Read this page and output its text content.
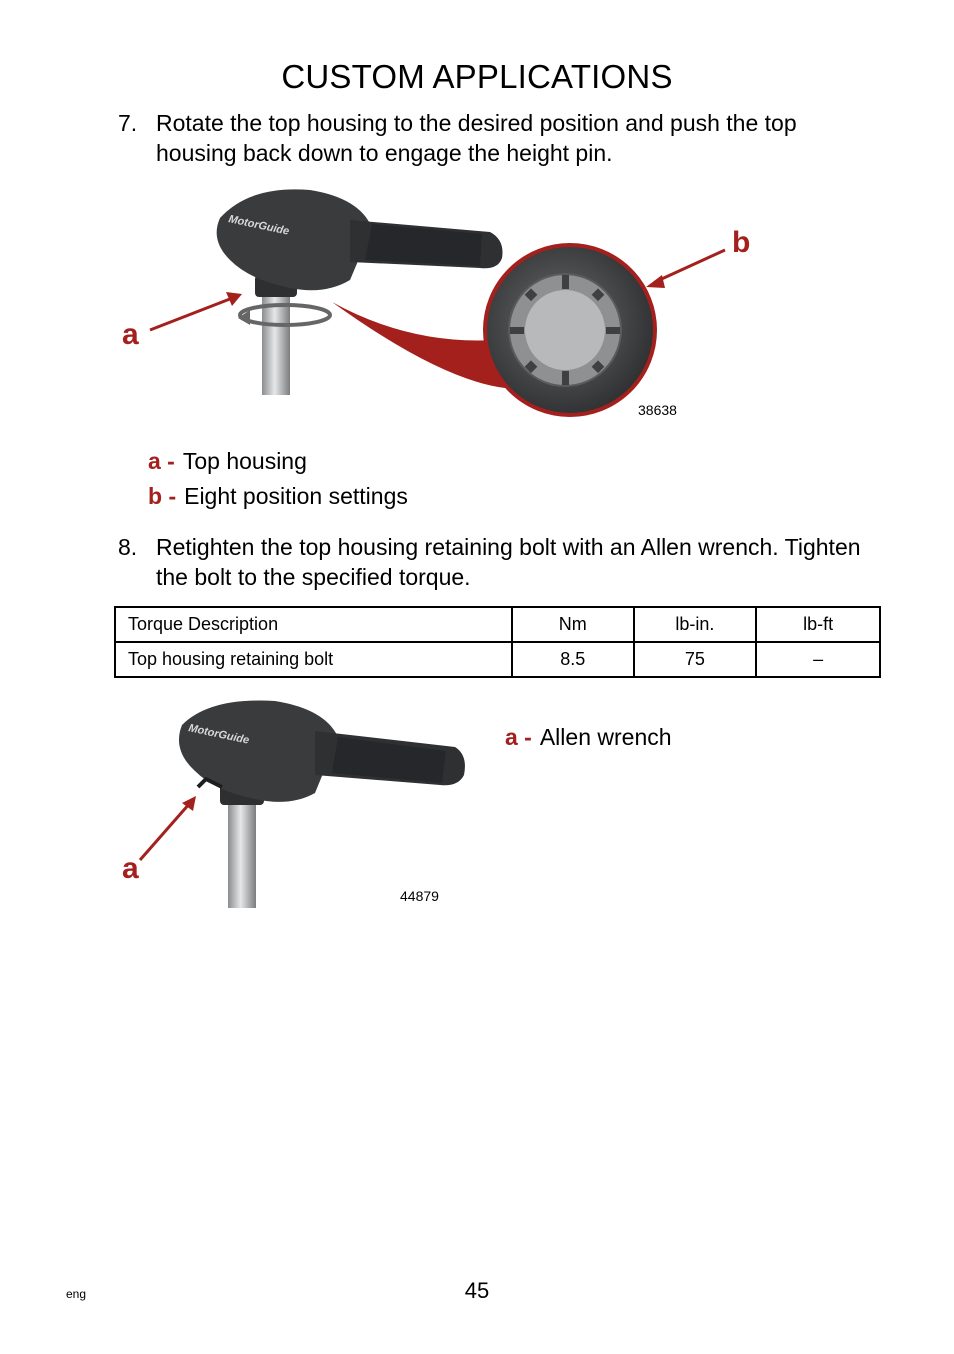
CUSTOM APPLICATIONS
7. Rotate the top housing to the desired position and push the top housing back down to engage the height pin.
MotorGuide
a
b
38638
a - Top housing
b - Eight position settings
8. Retighten the top housing retaining bolt with an Allen wrench. Tighten the bolt to the specified torque.
Torque Description	Nm	lb-in.	lb-ft
Top housing retaining bolt	8.5	75	–
MotorGuide
a
44879
a - Allen wrench
eng	45
